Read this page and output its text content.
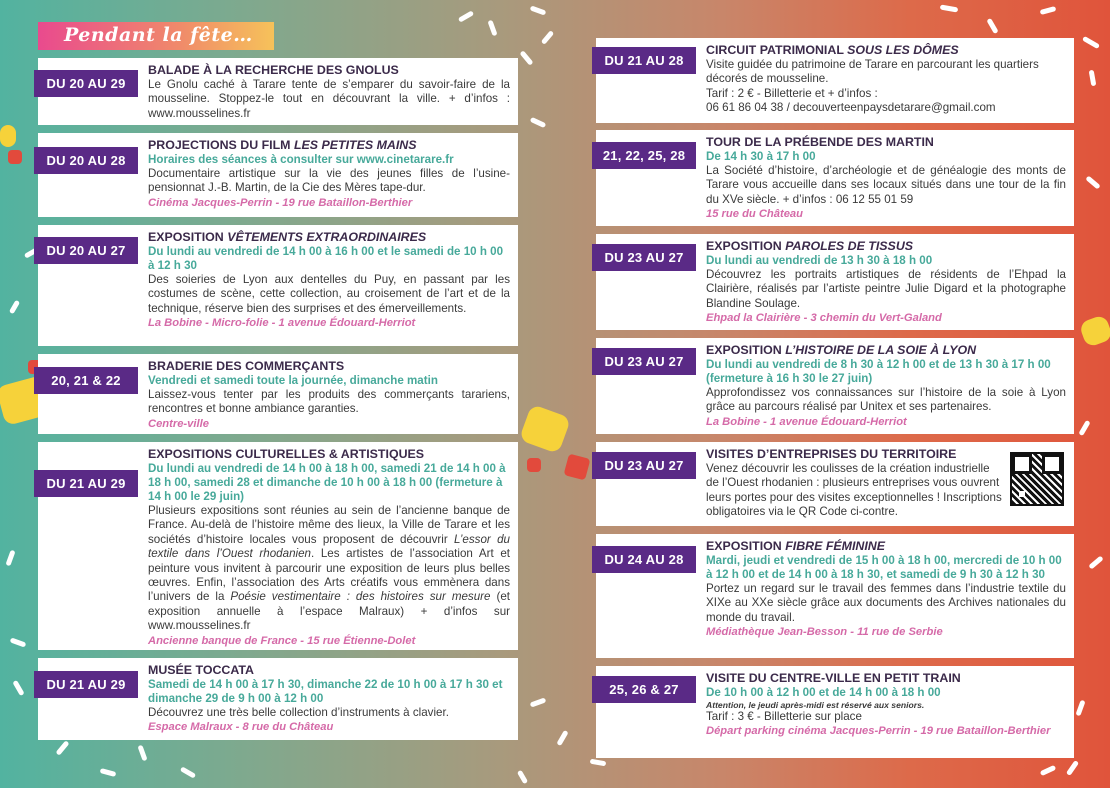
Pendant la fête…
DU 20 AU 29
BALADE À LA RECHERCHE DES GNOLUS
Le Gnolu caché à Tarare tente de s’emparer du savoir-faire de la mousseline. Stoppez-le tout en découvrant la ville. + d’infos : www.mousselines.fr
DU 20 AU 28
PROJECTIONS DU FILM LES PETITES MAINS
Horaires des séances à consulter sur www.cinetarare.fr
Documentaire artistique sur la vie des jeunes filles de l’usine-pensionnat J.-B. Martin, de la Cie des Mères tape-dur.
Cinéma Jacques-Perrin - 19 rue Bataillon-Berthier
DU 20 AU 27
EXPOSITION VÊTEMENTS EXTRAORDINAIRES
Du lundi au vendredi de 14 h 00 à 16 h 00 et le samedi de 10 h 00 à 12 h 30
Des soieries de Lyon aux dentelles du Puy, en passant par les costumes de scène, cette collection, au croisement de l’art et de la technique, réserve bien des surprises et des émerveillements.
La Bobine - Micro-folie - 1 avenue Édouard-Herriot
20, 21 & 22
BRADERIE DES COMMERÇANTS
Vendredi et samedi toute la journée, dimanche matin
Laissez-vous tenter par les produits des commerçants tarariens, rencontres et bonne ambiance garanties.
Centre-ville
DU 21 AU 29
EXPOSITIONS CULTURELLES & ARTISTIQUES
Du lundi au vendredi de 14 h 00 à 18 h 00, samedi 21 de 14 h 00 à 18 h 00, samedi 28 et dimanche de 10 h 00 à 18 h 00 (fermeture à 14 h 00 le 29 juin)
Plusieurs expositions sont réunies au sein de l’ancienne banque de France. Au-delà de l’histoire même des lieux, la Ville de Tarare et les sociétés d’histoire locales vous proposent de découvrir L’essor du textile dans l’Ouest rhodanien. Les artistes de l’association Art et peinture vous invitent à parcourir une exposition de leurs plus belles œuvres. Enfin, l’association des Arts créatifs vous emmènera dans l’univers de la Poésie vestimentaire : des histoires sur mesure (et exposition annuelle à l’espace Malraux) + d’infos sur www.mousselines.fr
Ancienne banque de France - 15 rue Étienne-Dolet
DU 21 AU 29
MUSÉE TOCCATA
Samedi de 14 h 00 à 17 h 30, dimanche 22 de 10 h 00 à 17 h 30 et dimanche 29 de 9 h 00 à 12 h 00
Découvrez une très belle collection d’instruments à clavier.
Espace Malraux - 8 rue du Château
DU 21 AU 28
CIRCUIT PATRIMONIAL SOUS LES DÔMES
Visite guidée du patrimoine de Tarare en parcourant les quartiers décorés de mousseline.
Tarif : 2 € - Billetterie et + d’infos :
06 61 86 04 38 / decouverteenpaysdetarare@gmail.com
21, 22, 25, 28
TOUR DE LA PRÉBENDE DES MARTIN
De 14 h 30 à 17 h 00
La Société d’histoire, d’archéologie et de généalogie des monts de Tarare vous accueille dans ses locaux situés dans une tour de la fin du XVe siècle. + d’infos : 06 12 55 01 59
15 rue du Château
DU 23 AU 27
EXPOSITION PAROLES DE TISSUS
Du lundi au vendredi de 13 h 30 à 18 h 00
Découvrez les portraits artistiques de résidents de l’Ehpad la Clairière, réalisés par l’artiste peintre Julie Digard et la photographe Blandine Soulage.
Ehpad la Clairière - 3 chemin du Vert-Galand
DU 23 AU 27
EXPOSITION L’HISTOIRE DE LA SOIE À LYON
Du lundi au vendredi de 8 h 30 à 12 h 00 et de 13 h 30 à 17 h 00 (fermeture à 16 h 30 le 27 juin)
Approfondissez vos connaissances sur l’histoire de la soie à Lyon grâce au parcours réalisé par Unitex et ses partenaires.
La Bobine - 1 avenue Édouard-Herriot
DU 23 AU 27
VISITES D’ENTREPRISES DU TERRITOIRE
Venez découvrir les coulisses de la création industrielle de l’Ouest rhodanien : plusieurs entreprises vous ouvrent leurs portes pour des visites exceptionnelles ! Inscriptions obligatoires via le QR Code ci-contre.
DU 24 AU 28
EXPOSITION FIBRE FÉMININE
Mardi, jeudi et vendredi de 15 h 00 à 18 h 00, mercredi de 10 h 00 à 12 h 00 et de 14 h 00 à 18 h 30, et samedi de 9 h 30 à 12 h 30
Portez un regard sur le travail des femmes dans l’industrie textile du XIXe au XXe siècle grâce aux documents des Archives nationales du monde du travail.
Médiathèque Jean-Besson - 11 rue de Serbie
25, 26 & 27
VISITE DU CENTRE-VILLE EN PETIT TRAIN
De 10 h 00 à 12 h 00 et de 14 h 00 à 18 h 00
Attention, le jeudi après-midi est réservé aux seniors.
Tarif : 3 € - Billetterie sur place
Départ parking cinéma Jacques-Perrin - 19 rue Bataillon-Berthier
